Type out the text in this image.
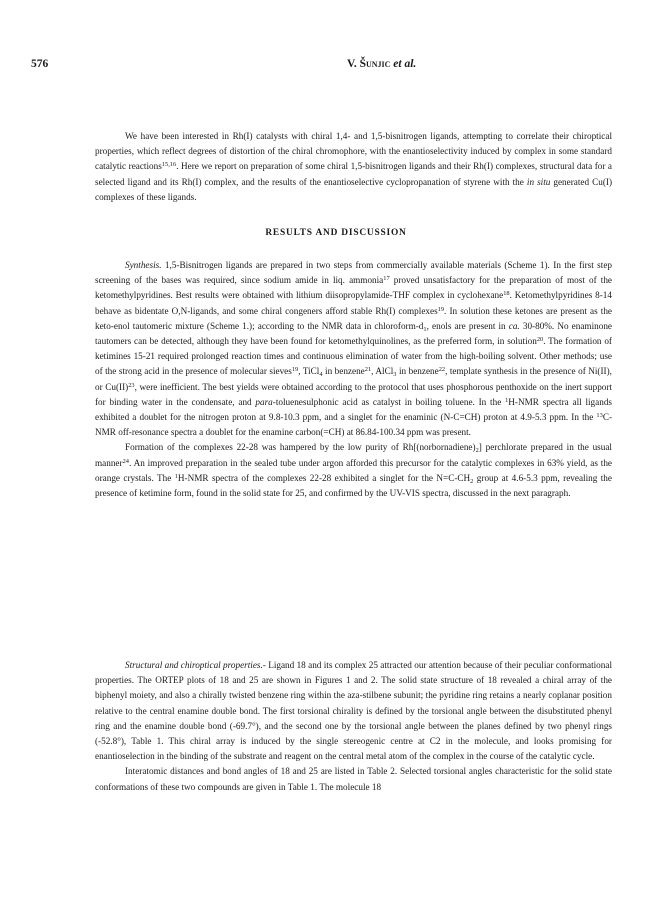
576	V. Šunjic et al.

We have been interested in Rh(I) catalysts with chiral 1,4- and 1,5-bisnitrogen ligands, attempting to correlate their chiroptical properties, which reflect degrees of distortion of the chiral chromophore, with the enantioselectivity induced by complex in some standard catalytic reactions$^{15,16}$. Here we report on preparation of some chiral 1,5-bisnitrogen ligands and their Rh(I) complexes, structural data for a selected ligand and its Rh(I) complex, and the results of the enantioselective cyclopropanation of styrene with the in situ generated Cu(I) complexes of these ligands.

RESULTS AND DISCUSSION

Synthesis. 1,5-Bisnitrogen ligands are prepared in two steps from commercially available materials (Scheme 1). In the first step screening of the bases was required, since sodium amide in liq. ammonia$^{17}$ proved unsatisfactory for the preparation of most of the ketomethylpyridines. Best results were obtained with lithium diisopropylamide-THF complex in cyclohexane$^{18}$. Ketomethylpyridines 8-14 behave as bidentate O,N-ligands, and some chiral congeners afford stable Rh(I) complexes$^{19}$. In solution these ketones are present as the keto-enol tautomeric mixture (Scheme 1.); according to the NMR data in chloroform-$d_1$, enols are present in ca. 30-80%. No enaminone tautomers can be detected, although they have been found for ketomethylquinolines, as the preferred form, in solution$^{20}$. The formation of ketimines 15-21 required prolonged reaction times and continuous elimination of water from the high-boiling solvent. Other methods; use of the strong acid in the presence of molecular sieves$^{19}$, TiCl$_4$ in benzene$^{21}$, AlCl$_3$ in benzene$^{22}$, template synthesis in the presence of Ni(II), or Cu(II)$^{23}$, were inefficient. The best yields were obtained according to the protocol that uses phosphorous penthoxide on the inert support for binding water in the condensate, and para-toluenesulphonic acid as catalyst in boiling toluene. In the $^1$H-NMR spectra all ligands exhibited a doublet for the nitrogen proton at 9.8-10.3 ppm, and a singlet for the enaminic (N-C=CH) proton at 4.9-5.3 ppm. In the $^{13}$C-NMR off-resonance spectra a doublet for the enamine carbon(=CH) at 86.84-100.34 ppm was present.

Formation of the complexes 22-28 was hampered by the low purity of $Rh[(norbornadiene)_2]$ perchlorate prepared in the usual manner$^{24}$. An improved preparation in the sealed tube under argon afforded this precursor for the catalytic complexes in 63% yield, as the orange crystals. The $^1$H-NMR spectra of the complexes 22-28 exhibited a singlet for the $N=C-CH_2$ group at 4.6-5.3 ppm, revealing the presence of ketimine form, found in the solid state for 25, and confirmed by the UV-VIS spectra, discussed in the next paragraph.

Structural and chiroptical properties.- Ligand 18 and its complex 25 attracted our attention because of their peculiar conformational properties. The ORTEP plots of 18 and 25 are shown in Figures 1 and 2. The solid state structure of 18 revealed a chiral array of the biphenyl moiety, and also a chirally twisted benzene ring within the aza-stilbene subunit; the pyridine ring retains a nearly coplanar position relative to the central enamine double bond. The first torsional chirality is defined by the torsional angle between the disubstituted phenyl ring and the enamine double bond (-69.7°), and the second one by the torsional angle between the planes defined by two phenyl rings (-52.8°), Table 1. This chiral array is induced by the single stereogenic centre at C2 in the molecule, and looks promising for enantioselection in the binding of the substrate and reagent on the central metal atom of the complex in the course of the catalytic cycle.

Interatomic distances and bond angles of 18 and 25 are listed in Table 2. Selected torsional angles characteristic for the solid state conformations of these two compounds are given in Table 1. The molecule 18
